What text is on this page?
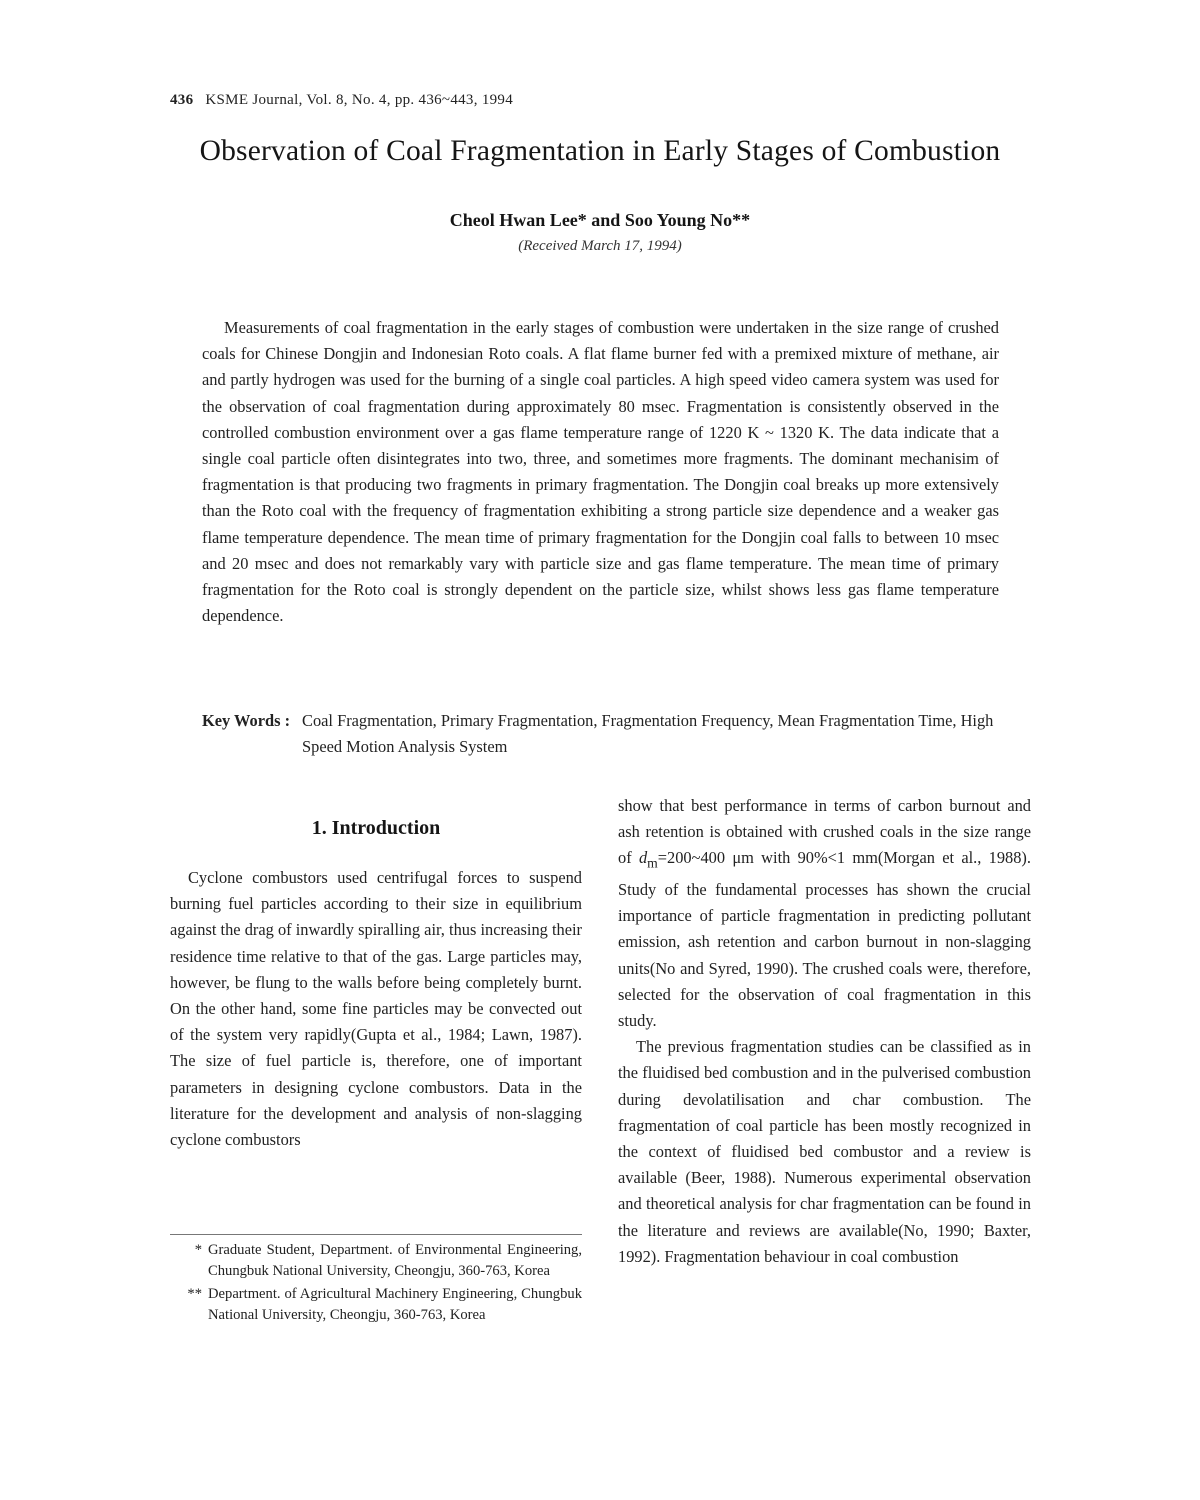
436 KSME Journal, Vol. 8, No. 4, pp. 436~443, 1994
Observation of Coal Fragmentation in Early Stages of Combustion
Cheol Hwan Lee* and Soo Young No**
(Received March 17, 1994)

Measurements of coal fragmentation in the early stages of combustion were undertaken in the size range of crushed coals for Chinese Dongjin and Indonesian Roto coals. A flat flame burner fed with a premixed mixture of methane, air and partly hydrogen was used for the burning of a single coal particles. A high speed video camera system was used for the observation of coal fragmentation during approximately 80 msec. Fragmentation is consistently observed in the controlled combustion environment over a gas flame temperature range of 1220 K ~ 1320 K. The data indicate that a single coal particle often disintegrates into two, three, and sometimes more fragments. The dominant mechanisim of fragmentation is that producing two fragments in primary fragmentation. The Dongjin coal breaks up more extensively than the Roto coal with the frequency of fragmentation exhibiting a strong particle size dependence and a weaker gas flame temperature dependence. The mean time of primary fragmentation for the Dongjin coal falls to between 10 msec and 20 msec and does not remarkably vary with particle size and gas flame temperature. The mean time of primary fragmentation for the Roto coal is strongly dependent on the particle size, whilst shows less gas flame temperature dependence.

Key Words : Coal Fragmentation, Primary Fragmentation, Fragmentation Frequency, Mean Fragmentation Time, High Speed Motion Analysis System
1. Introduction

Cyclone combustors used centrifugal forces to suspend burning fuel particles according to their size in equilibrium against the drag of inwardly spiralling air, thus increasing their residence time relative to that of the gas. Large particles may, however, be flung to the walls before being completely burnt. On the other hand, some fine particles may be convected out of the system very rapidly(Gupta et al., 1984; Lawn, 1987). The size of fuel particle is, therefore, one of important parameters in designing cyclone combustors. Data in the literature for the development and analysis of non-slagging cyclone combustors

* Graduate Student, Department. of Environmental Engineering, Chungbuk National University, Cheongju, 360-763, Korea
** Department. of Agricultural Machinery Engineering, Chungbuk National University, Cheongju, 360-763, Korea

show that best performance in terms of carbon burnout and ash retention is obtained with crushed coals in the size range of $d_m=200\sim 400$ μm with 90%<1 mm(Morgan et al., 1988). Study of the fundamental processes has shown the crucial importance of particle fragmentation in predicting pollutant emission, ash retention and carbon burnout in non-slagging units(No and Syred, 1990). The crushed coals were, therefore, selected for the observation of coal fragmentation in this study.

The previous fragmentation studies can be classified as in the fluidised bed combustion and in the pulverised combustion during devolatilisation and char combustion. The fragmentation of coal particle has been mostly recognized in the context of fluidised bed combustor and a review is available (Beer, 1988). Numerous experimental observation and theoretical analysis for char fragmentation can be found in the literature and reviews are available(No, 1990; Baxter, 1992). Fragmentation behaviour in coal combustion
